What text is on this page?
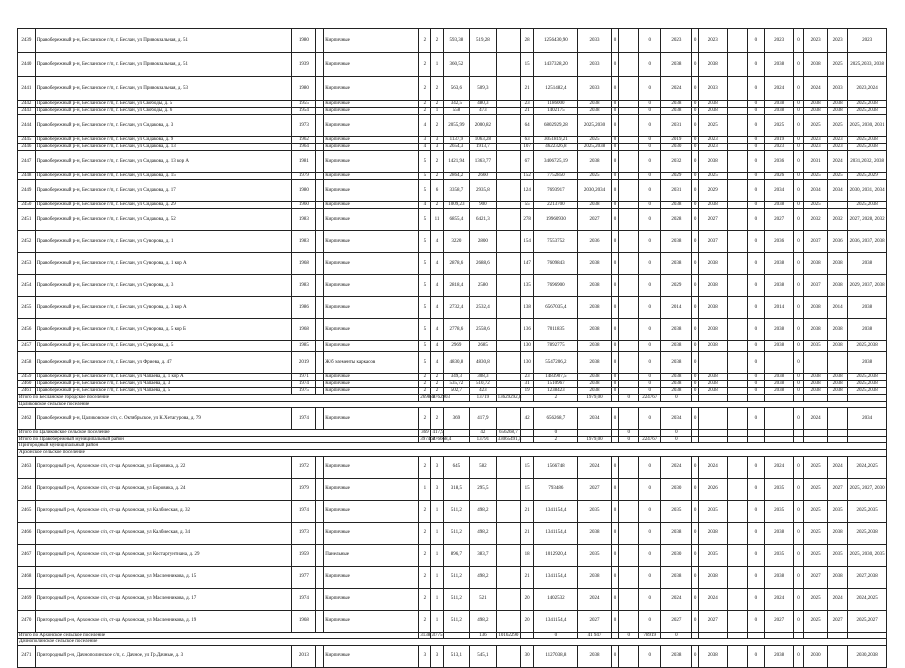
2439	Правобережный р-н, Бесланское г/п, г. Беслан, ул Привокзальная, д. 51	1980		Кирпичные	2	2	593,38	519,28		28	1256430,90	2033	0		0	2023	0	2023		0	2023	0	2023	2023	2023
2440	Правобережный р-н, Бесланское г/п, г. Беслан, ул Привокзальная, д. 51	1939		Кирпичные	2	1	360,52			15	1437328,20	2033	0		0	2038	0	2038		0	2038	0	2038	2025	2025,2033, 2038
2441	Правобережный р-н, Бесланское г/п, г. Беслан, ул Привокзальная, д. 53	1980		Кирпичные	2	2	563,6	509,3		21	1251482,4	2033	0		0	2024	0	2033		0	2024	0	2024	2033	2023,2024
2442	Правобережный р-н, Бесланское г/п, г. Беслан, ул Свободы, д. 5	1955		Кирпичные	2	2	342,5	480,3		23	1186000	2038	0		0	2038	0	2038		0	2038	0	2038	2038	2025,2038
2443	Правобережный р-н, Бесланское г/п, г. Беслан, ул Свободы, д. 6	1954		Кирпичные	2	1	558	473		21	1402175	2038	0		0	2038	0	2038		0	2038	0	2038	2038	2025,2038
2444	Правобережный р-н, Бесланское г/п, г. Беслан, ул Сидакова, д. 3	1973		Кирпичные	4	2	2055,99	2000,82		64	6802929,28	2025,2030	0		0	2031	0	2025		0	2025	0	2025	2025	2025, 2030, 2031
2445	Правобережный р-н, Бесланское г/п, г. Беслан, ул Сидакова, д. 9	1962		Кирпичные	3	3	1137,9	1063,28		63	3051819,21	2025	0		0	2019	0	2023		0	2019	0	2023	2023	2025,2038
2446	Правобережный р-н, Бесланское г/п, г. Беслан, ул Сидакова, д. 13	1964		Кирпичные	4	3	2654,3	1913,7		107	4622326,8	2025,2038	0		0	2030	0	2023		0	2023	0	2023	2023	2025,2038
2447	Правобережный р-н, Бесланское г/п, г. Беслан, ул Сидакова, д. 13 кор А	1981		Кирпичные	5	2	1421,94	1363,77		67	3406725,19	2038	0		0	2032	0	2038		0	2036	0	2031	2024	2031,2032, 2038
2448	Правобережный р-н, Бесланское г/п, г. Беслан, ул Сидакова, д. 15	1979		Кирпичные	5	2	2864,2	2660		152	7752850	2025	0		0	2029	0	2025		0	2026	0	2025	2025	2025,2029
2449	Правобережный р-н, Бесланское г/п, г. Беслан, ул Сидакова, д. 17	1980		Кирпичные	5	6	3358,7	2935,8		124	7693917	2030,2034	0		0	2031	0	2029		0	2034	0	2034	2034	2030, 2031, 2034
2450	Правобережный р-н, Бесланское г/п, г. Беслан, ул Сидакова, д. 29	1960		Кирпичные	4	2	1009,23	900		55	2213700	2038	0		0	2038	0	2038		0	2038	0	2025		2025,2038
2451	Правобережный р-н, Бесланское г/п, г. Беслан, ул Сидакова, д. 52	1983		Кирпичные	5	11	6855,4	6421,3		278	19960930	2027	0		0	2028	0	2027		0	2027	0	2032	2032	2027, 2028, 2032
2452	Правобережный р-н, Бесланское г/п, г. Беслан, ул Суворова, д. 1	1983		Кирпичные	5	4	3220	2800		154	7553752	2036	0		0	2038	0	2037		0	2036	0	2037	2036	2036, 2037, 2038
2453	Правобережный р-н, Бесланское г/п, г. Беслан, ул Суворова, д. 1 кор А	1968		Кирпичные	5	4	2878,6	2688,6		147	7609843	2038	0		0	2038	0	2038		0	2038	0	2038	2038	2038
2454	Правобережный р-н, Бесланское г/п, г. Беслан, ул Суворова, д. 3	1983		Кирпичные	5	4	2818,4	2580		135	7696900	2038	0		0	2029	0	2038		0	2038	0	2037	2038	2029, 2037, 2038
2455	Правобережный р-н, Бесланское г/п, г. Беслан, ул Суворова, д. 3 кор А	1986		Кирпичные	5	4	2732,4	2532,4		138	6567035,4	2038	0		0	2014	0	2038		0	2014	0	2038	2014	2038
2456	Правобережный р-н, Бесланское г/п, г. Беслан, ул Суворова, д. 5 кор Б	1968		Кирпичные	5	4	2778,6	2558,6		136	7011835	2038	0		0	2038	0	2038		0	2038	0	2038	2038	2038
2457	Правобережный р-н, Бесланское г/п, г. Беслан, ул Суворова, д. 5	1985		Кирпичные	5	4	2969	2685		130	7892775	2038	0		0	2038	0	2038		0	2038	0	2035	2038	2025,2038
2458	Правобережный р-н, Бесланское г/п, г. Беслан, ул Фриева, д. 47	2019		Ж/б элементы каркасов	5	4	4830,8	4830,8		130	5547206,2	2038	0		0	2038	0			0		0			2038
2459	Правобережный р-н, Бесланское г/п, г. Беслан, ул Чапаева, д. 1 кор А	1971		Кирпичные	2	2	349,3	308,3		23	1483907,5	2038	0		0	2038	0	2038		0	2038	0	2038	2038	2025,2038
2460	Правобережный р-н, Бесланское г/п, г. Беслан, ул Чапаева, д. 3	1974		Кирпичные	2	2	535,72	510,72		31	1510967	2038	0		0	2038	0	2038		0	2038	0	2038	2038	2025,2038
2461	Правобережный р-н, Бесланское г/п, г. Беслан, ул Чапаева, д. 5	1975		Кирпичные	2	2	502,7	423		19	1238423	2038	0		0	2038	0	2038		0	2038	0	2038	2038	2025,2038
Итого по Бесланское городское поселение					269886	2762903		13719	13629292,8		2	1979,00		0	224767	0									
Цаликовское сельское поселение																									
2462	Правобережный р-н, Цаликовское с/п, с. Октябрьское, ул К.Хетагурова, д. 79	1974		Кирпичные	2	2	369	417,9		42	656268,7	2034	0		0	2034	0			0		0	2024		2034
Итого по Цаликовское сельское поселение					369	417,9		42	656268,7		0			0		0									
Итого по Правобережный муниципальный район					397460	276668,4		13791	33065491,5		2	1979,00		0	224767	0									
Пригородный муниципальный район																									
Архонское сельское поселение																									
2463	Пригородный р-н, Архонское с/п, ст-ца Архонская, ул Боровика, д. 22	1972		Кирпичные	2	3	645	582		15	1566748	2024	0		0	2024	0	2024		0	2024	0	2025	2024	2024,2025
2464	Пригородный р-н, Архонское с/п, ст-ца Архонская, ул Боровика, д. 24	1979		Кирпичные	1	3	318,5	295,5		15	793486	2027	0		0	2030	0	2026		0	2035	0	2025	2027	2025, 2027, 2030
2465	Пригородный р-н, Архонское с/п, ст-ца Архонская, ул Калбиеская, д. 32	1974		Кирпичные	2	1	511,2	498,2		21	1341154,4	2035	0		0	2035	0	2035		0	2035	0	2025	2035	2025,2035
2466	Пригородный р-н, Архонское с/п, ст-ца Архонская, ул Калбиеская, д. 34	1973		Кирпичные	2	1	511,2	498,2		21	1341154,4	2038	0		0	2038	0	2038		0	2038	0	2025	2038	2025,2038
2467	Пригородный р-н, Архонское с/п, ст-ца Архонская, ул Костаргунтиана, д. 29	1959		Панельные	2	1	896,7	383,7		18	1012920,4	2035	0		0	2030	0	2035		0	2035	0	2025	2035	2025, 2030, 2035
2468	Пригородный р-н, Архонское с/п, ст-ца Архонская, ул Масленникова, д. 15	1977		Кирпичные	2	1	511,2	498,2		21	1341154,4	2038	0		0	2038	0	2038		0	2038	0	2027	2038	2027,2038
2469	Пригородный р-н, Архонское с/п, ст-ца Архонская, ул Масленникова, д. 17	1974		Кирпичные	2	1	511,2	521		20	1402532	2024	0		0	2024	0	2024		0	2024	0	2025	2024	2024,2025
2470	Пригородный р-н, Архонское с/п, ст-ца Архонская, ул Масленникова, д. 19	1968		Кирпичные	2	1	511,2	498,2		20	1341154,4	2027	0		0	2027	0	2027		0	2027	0	2025	2027	2025,2027
Итого по Архонское сельское поселение					3138,7	3775		136	10162290		0	41 947		0	78919	0									
Дачнополинское сельское поселение																									
2471	Пригородный р-н, Дачнополинское с/п, с. Дачное, ул Гр.Дачные, д. 3	2013		Кирпичные	3	3	513,1	545,1		30	1127038,8	2038	0		0	2038	0	2038		0	2038	0	2030		2030,2038
